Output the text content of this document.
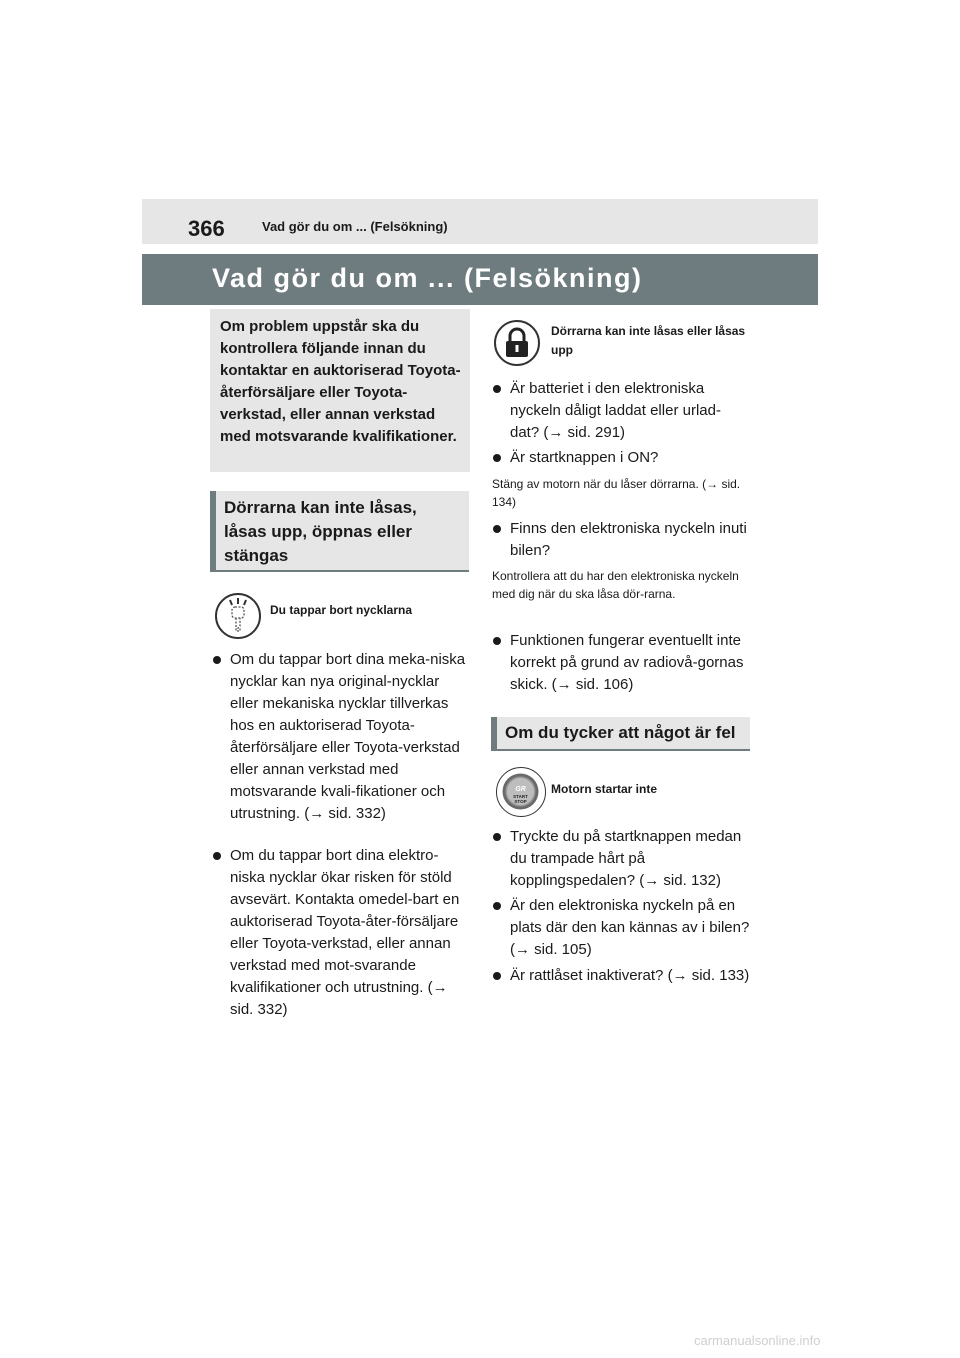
366	Vad gör du om ... (Felsökning)
Vad gör du om ... (Felsökning)
Om problem uppstår ska du kontrollera följande innan du kontaktar en auktoriserad Toyota-återförsäljare eller Toyota-verkstad, eller annan verkstad med motsvarande kvalifikationer.
Dörrarna kan inte låsas, låsas upp, öppnas eller stängas
Du tappar bort nycklarna
Om du tappar bort dina meka-niska nycklar kan nya original-nycklar eller mekaniska nycklar tillverkas hos en auktoriserad Toyota-återförsäljare eller Toyota-verkstad eller annan verkstad med motsvarande kvali-fikationer och utrustning. (→ sid. 332)
Om du tappar bort dina elektro-niska nycklar ökar risken för stöld avsevärt. Kontakta omedel-bart en auktoriserad Toyota-åter-försäljare eller Toyota-verkstad, eller annan verkstad med mot-svarande kvalifikationer och utrustning. (→ sid. 332)
Dörrarna kan inte låsas eller låsas upp
Är batteriet i den elektroniska nyckeln dåligt laddat eller urlad-dat? (→ sid. 291)
Är startknappen i ON?
Stäng av motorn när du låser dörrarna. (→ sid. 134)
Finns den elektroniska nyckeln inuti bilen?
Kontrollera att du har den elektroniska nyckeln med dig när du ska låsa dör-rarna.
Funktionen fungerar eventuellt inte korrekt på grund av radiovå-gornas skick. (→ sid. 106)
Om du tycker att något är fel
GR
START
STOP
Motorn startar inte
Tryckte du på startknappen medan du trampade hårt på kopplingspedalen? (→ sid. 132)
Är den elektroniska nyckeln på en plats där den kan kännas av i bilen? (→ sid. 105)
Är rattlåset inaktiverat? (→ sid. 133)
carmanualsonline.info
